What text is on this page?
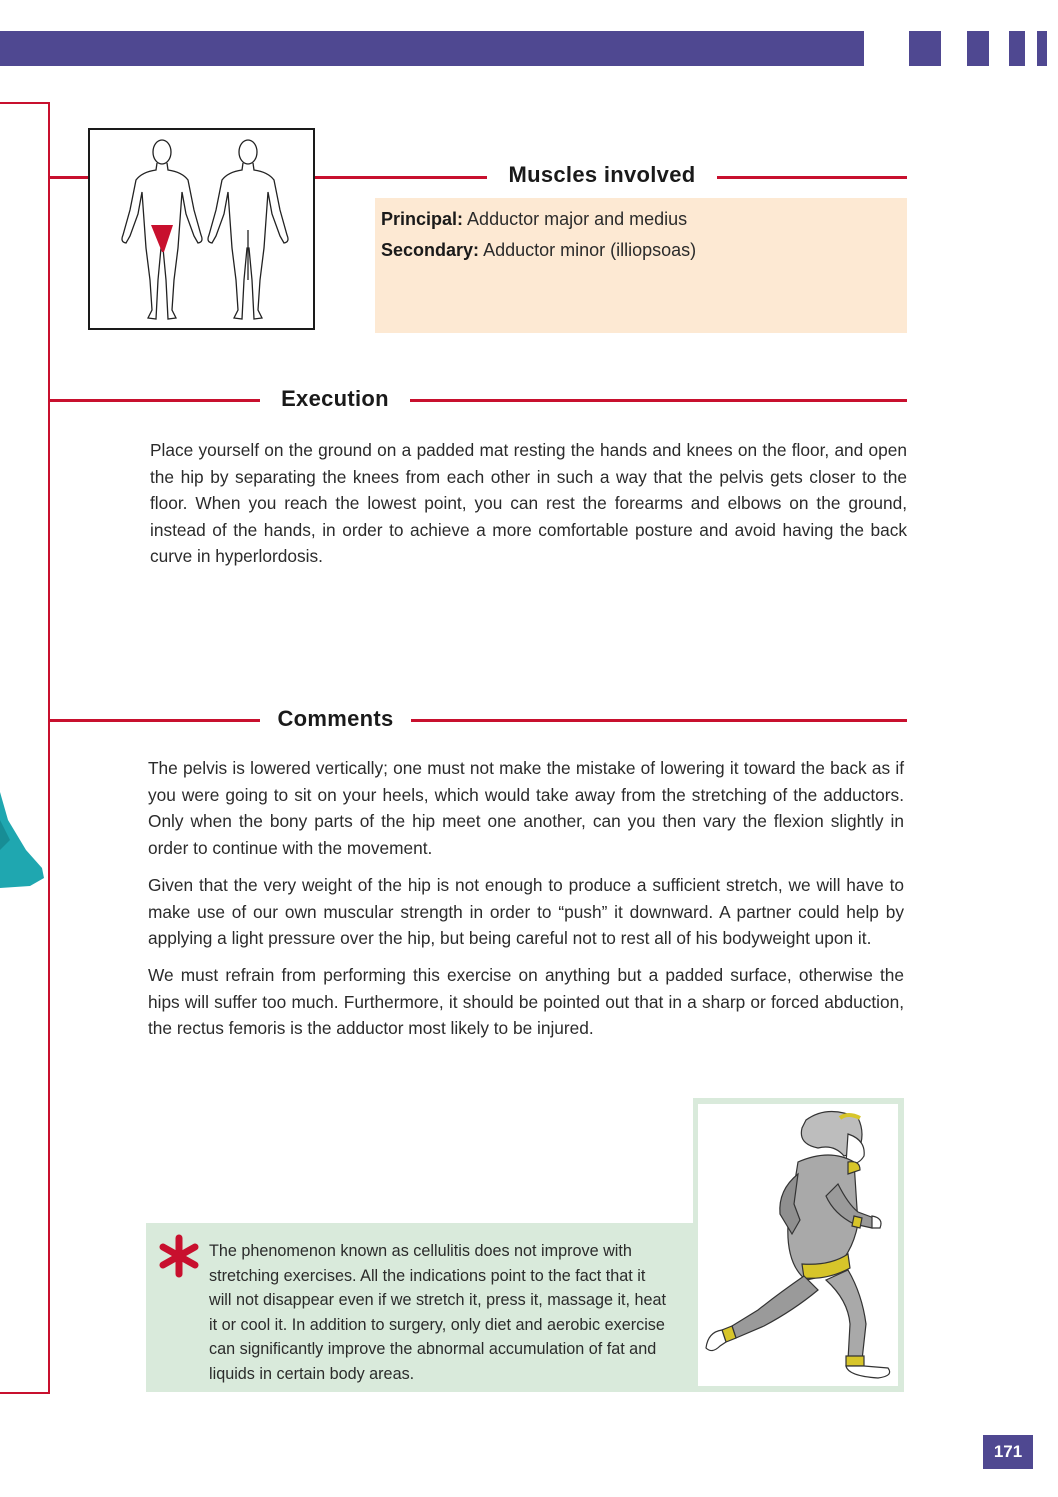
Muscles involved
Principal: Adductor major and medius
Secondary: Adductor minor (illiopsoas)
Execution

Place yourself on the ground on a padded mat resting the hands and knees on the floor, and open the hip by separating the knees from each other in such a way that the pelvis gets closer to the floor. When you reach the lowest point, you can rest the forearms and elbows on the ground, instead of the hands, in order to achieve a more comfortable posture and avoid having the back curve in hyperlordosis.

Comments

The pelvis is lowered vertically; one must not make the mistake of lowering it toward the back as if you were going to sit on your heels, which would take away from the stretching of the adductors. Only when the bony parts of the hip meet one another, can you then vary the flexion slightly in order to continue with the movement.

Given that the very weight of the hip is not enough to produce a sufficient stretch, we will have to make use of our own muscular strength in order to “push” it downward. A partner could help by applying a light pressure over the hip, but being careful not to rest all of his bodyweight upon it.

We must refrain from performing this exercise on anything but a padded surface, otherwise the hips will suffer too much. Furthermore, it should be pointed out that in a sharp or forced abduction, the rectus femoris is the adductor most likely to be injured.

The phenomenon known as cellulitis does not improve with stretching exercises. All the indications point to the fact that it will not disappear even if we stretch it, press it, massage it, heat it or cool it. In addition to surgery, only diet and aerobic exercise can significantly improve the abnormal accumulation of fat and liquids in certain body areas.

171
